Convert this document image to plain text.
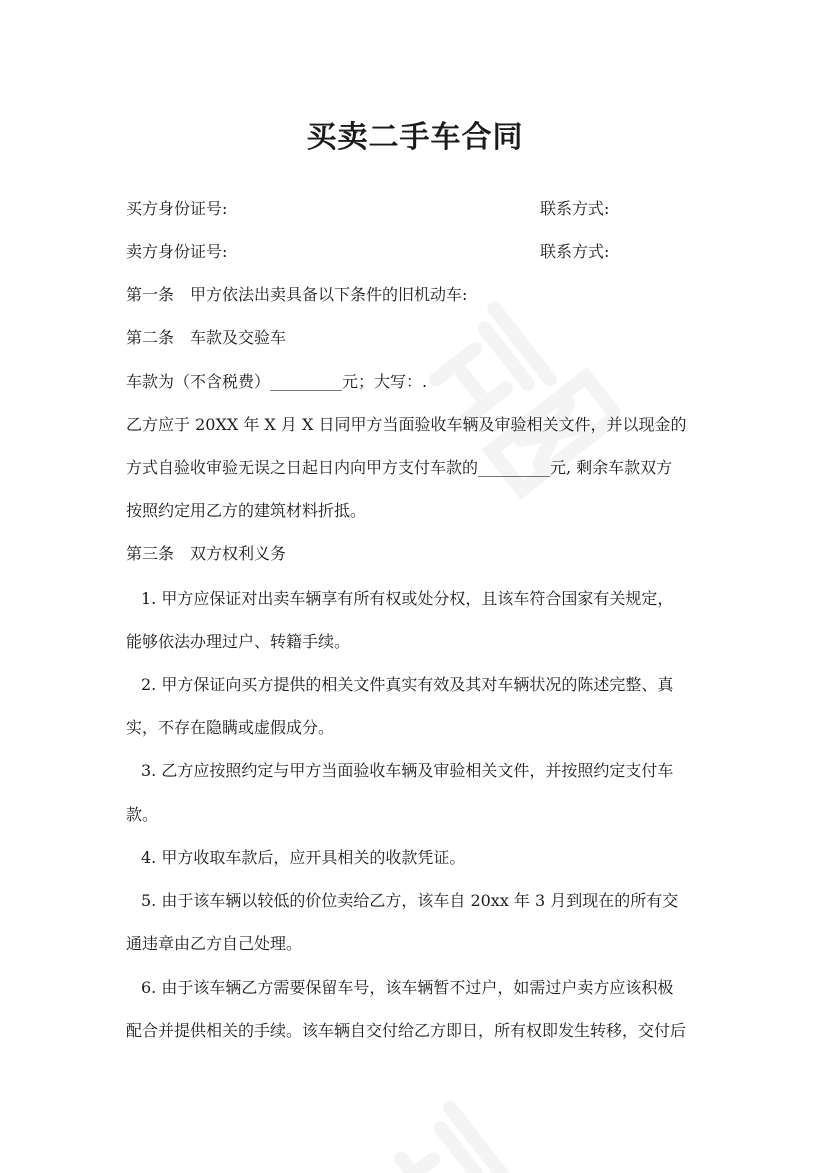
买卖二手车合同
买方身份证号:	联系方式:
卖方身份证号:	联系方式:
第一条 甲方依法出卖具备以下条件的旧机动车:
第二条 车款及交验车
车款为（不含税费）_________元；大写：.
乙方应于 20XX 年 X 月 X 日同甲方当面验收车辆及审验相关文件，并以现金的
方式自验收审验无误之日起日内向甲方支付车款的_________元, 剩余车款双方
按照约定用乙方的建筑材料折抵。
第三条 双方权利义务
1. 甲方应保证对出卖车辆享有所有权或处分权，且该车符合国家有关规定，
能够依法办理过户、转籍手续。
2. 甲方保证向买方提供的相关文件真实有效及其对车辆状况的陈述完整、真
实，不存在隐瞒或虚假成分。
3. 乙方应按照约定与甲方当面验收车辆及审验相关文件，并按照约定支付车
款。
4. 甲方收取车款后，应开具相关的收款凭证。
5. 由于该车辆以较低的价位卖给乙方，该车自 20xx 年 3 月到现在的所有交
通违章由乙方自己处理。
6. 由于该车辆乙方需要保留车号，该车辆暂不过户，如需过户卖方应该积极
配合并提供相关的手续。该车辆自交付给乙方即日，所有权即发生转移，交付后
